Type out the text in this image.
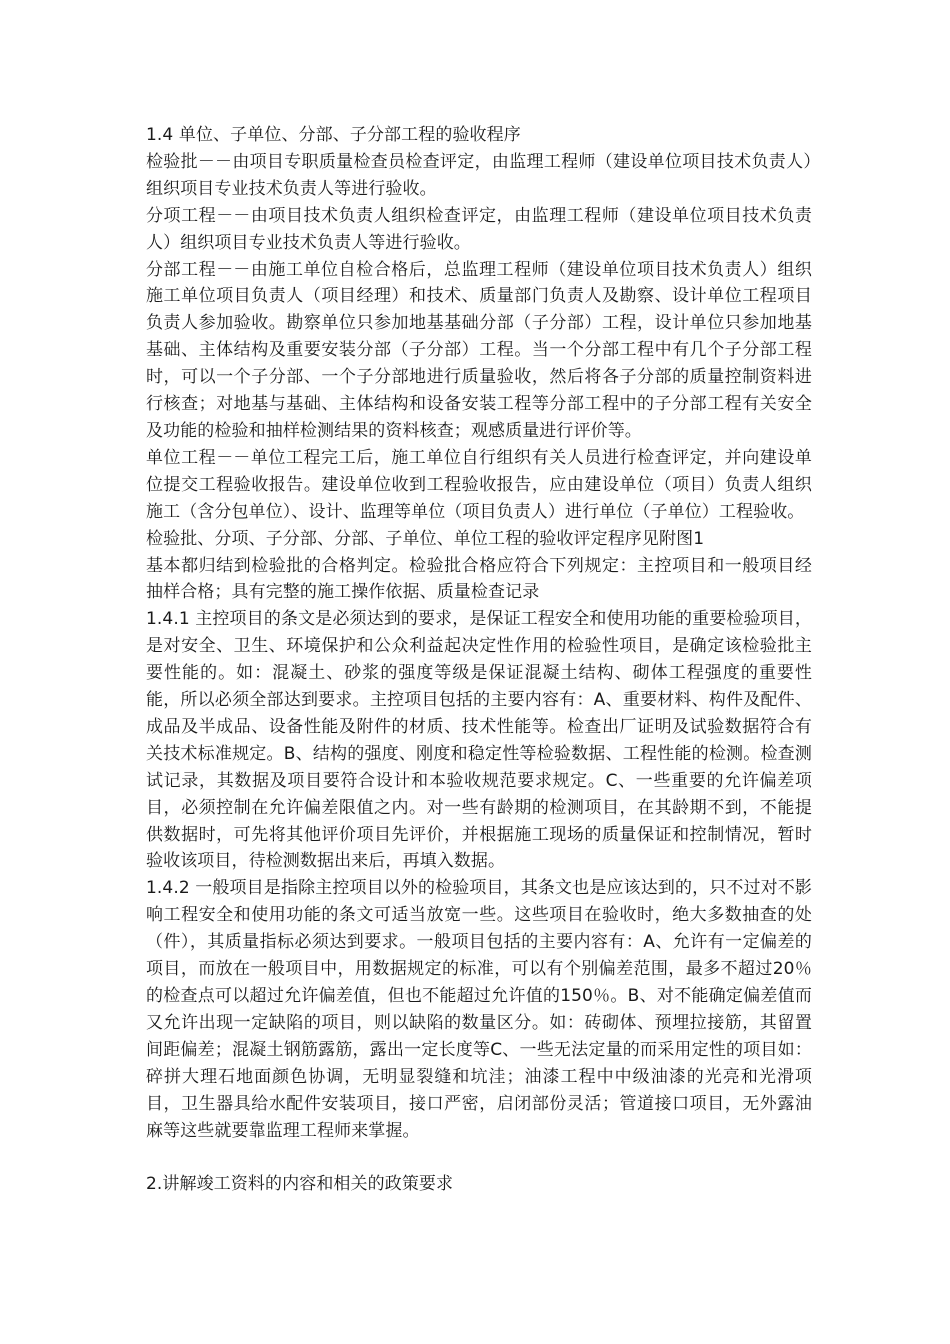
1.4 单位、子单位、分部、子分部工程的验收程序

检验批－－由项目专职质量检查员检查评定，由监理工程师（建设单位项目技术负责人）组织项目专业技术负责人等进行验收。

分项工程－－由项目技术负责人组织检查评定，由监理工程师（建设单位项目技术负责人）组织项目专业技术负责人等进行验收。

分部工程－－由施工单位自检合格后，总监理工程师（建设单位项目技术负责人）组织施工单位项目负责人（项目经理）和技术、质量部门负责人及勘察、设计单位工程项目负责人参加验收。勘察单位只参加地基基础分部（子分部）工程，设计单位只参加地基基础、主体结构及重要安装分部（子分部）工程。当一个分部工程中有几个子分部工程时，可以一个子分部、一个子分部地进行质量验收，然后将各子分部的质量控制资料进行核查；对地基与基础、主体结构和设备安装工程等分部工程中的子分部工程有关安全及功能的检验和抽样检测结果的资料核查；观感质量进行评价等。

单位工程－－单位工程完工后，施工单位自行组织有关人员进行检查评定，并向建设单位提交工程验收报告。建设单位收到工程验收报告，应由建设单位（项目）负责人组织施工（含分包单位）、设计、监理等单位（项目负责人）进行单位（子单位）工程验收。

检验批、分项、子分部、分部、子单位、单位工程的验收评定程序见附图1

基本都归结到检验批的合格判定。检验批合格应符合下列规定：主控项目和一般项目经抽样合格；具有完整的施工操作依据、质量检查记录

1.4.1 主控项目的条文是必须达到的要求，是保证工程安全和使用功能的重要检验项目，是对安全、卫生、环境保护和公众利益起决定性作用的检验性项目，是确定该检验批主要性能的。如：混凝土、砂浆的强度等级是保证混凝土结构、砌体工程强度的重要性能，所以必须全部达到要求。主控项目包括的主要内容有：A、重要材料、构件及配件、成品及半成品、设备性能及附件的材质、技术性能等。检查出厂证明及试验数据符合有关技术标准规定。B、结构的强度、刚度和稳定性等检验数据、工程性能的检测。检查测试记录，其数据及项目要符合设计和本验收规范要求规定。C、一些重要的允许偏差项目，必须控制在允许偏差限值之内。对一些有龄期的检测项目，在其龄期不到，不能提供数据时，可先将其他评价项目先评价，并根据施工现场的质量保证和控制情况，暂时验收该项目，待检测数据出来后，再填入数据。

1.4.2 一般项目是指除主控项目以外的检验项目，其条文也是应该达到的，只不过对不影响工程安全和使用功能的条文可适当放宽一些。这些项目在验收时，绝大多数抽查的处（件），其质量指标必须达到要求。一般项目包括的主要内容有：A、允许有一定偏差的项目，而放在一般项目中，用数据规定的标准，可以有个别偏差范围，最多不超过20％的检查点可以超过允许偏差值，但也不能超过允许值的150％。B、对不能确定偏差值而又允许出现一定缺陷的项目，则以缺陷的数量区分。如：砖砌体、预埋拉接筋，其留置间距偏差；混凝土钢筋露筋，露出一定长度等C、一些无法定量的而采用定性的项目如：碎拼大理石地面颜色协调，无明显裂缝和坑洼；油漆工程中中级油漆的光亮和光滑项目，卫生器具给水配件安装项目，接口严密，启闭部份灵活；管道接口项目，无外露油麻等这些就要靠监理工程师来掌握。

2.讲解竣工资料的内容和相关的政策要求
